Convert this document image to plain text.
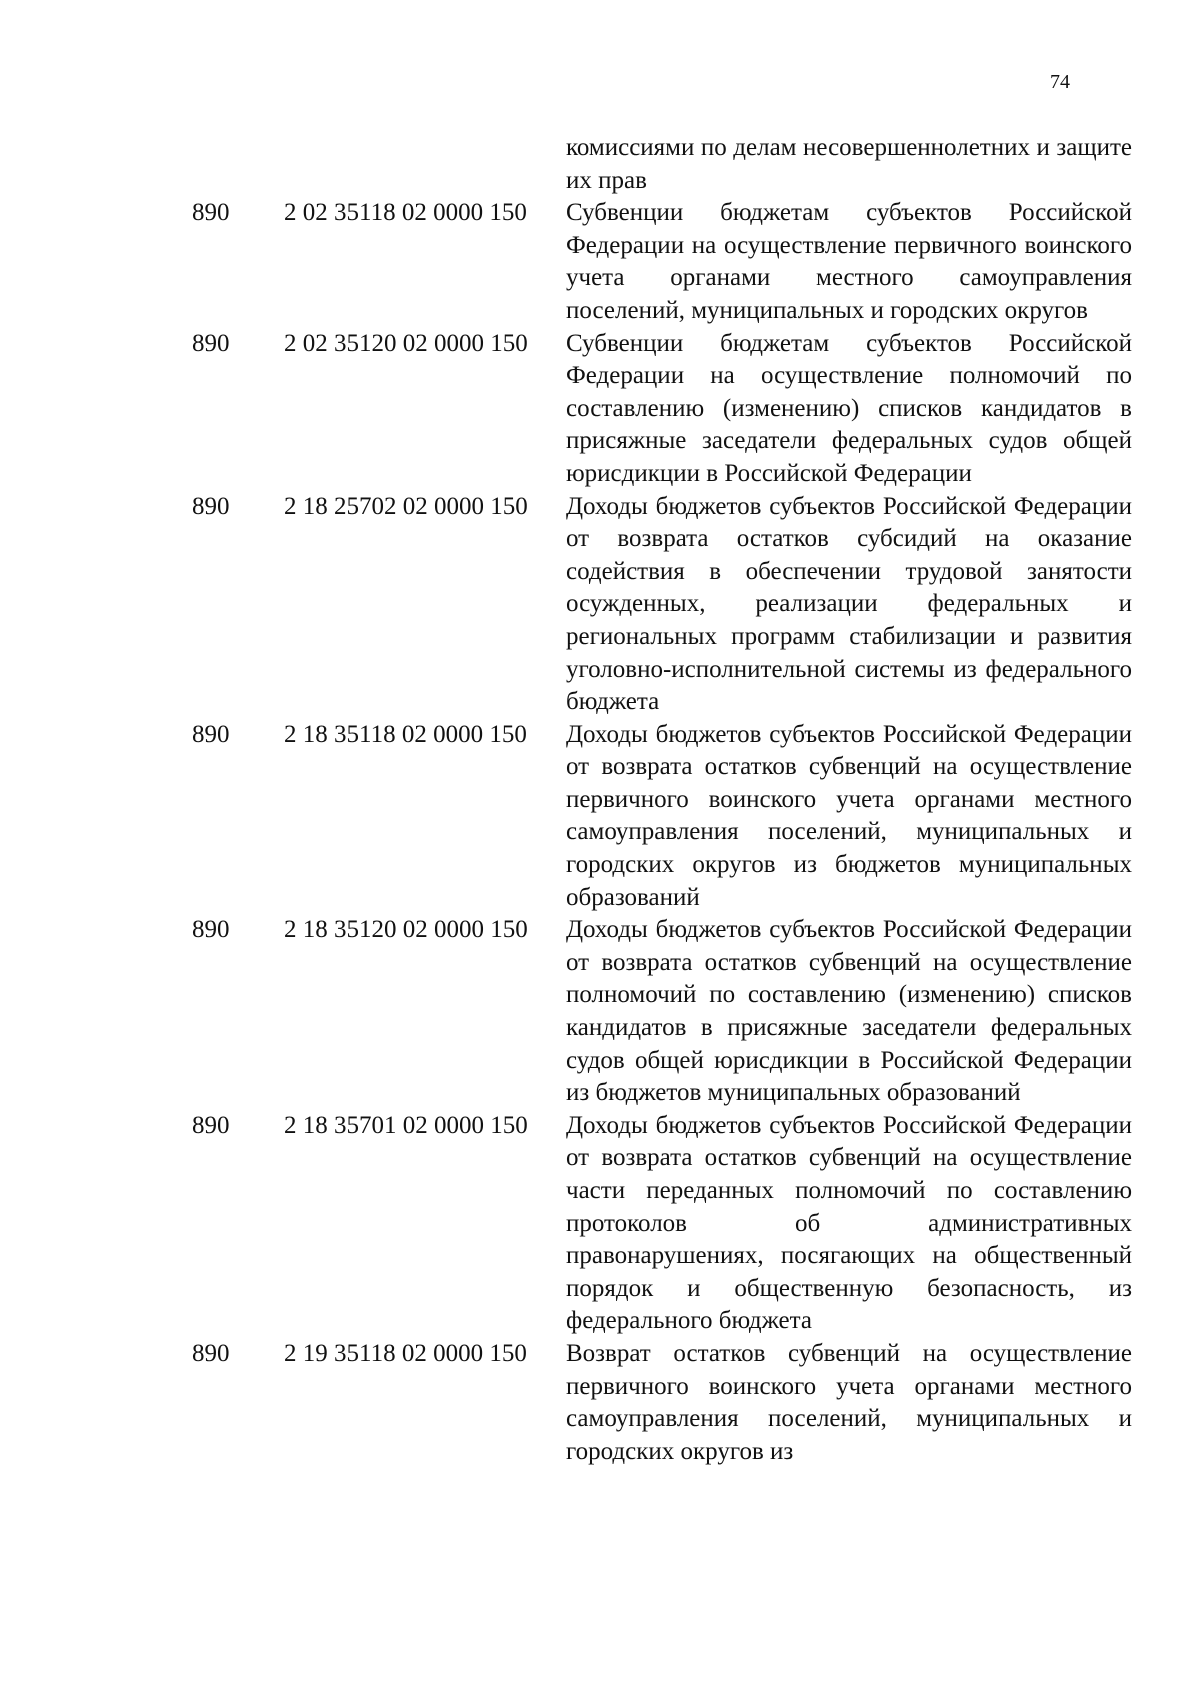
74
комиссиями по делам несовершеннолетних и защите их прав
890	2 02 35118 02 0000 150	Субвенции бюджетам субъектов Российской Федерации на осуществление первичного воинского учета органами местного самоуправления поселений, муниципальных и городских округов
890	2 02 35120 02 0000 150	Субвенции бюджетам субъектов Российской Федерации на осуществление полномочий по составлению (изменению) списков кандидатов в присяжные заседатели федеральных судов общей юрисдикции в Российской Федерации
890	2 18 25702 02 0000 150	Доходы бюджетов субъектов Российской Федерации от возврата остатков субсидий на оказание содействия в обеспечении трудовой занятости осужденных, реализации федеральных и региональных программ стабилизации и развития уголовно-исполнительной системы из федерального бюджета
890	2 18 35118 02 0000 150	Доходы бюджетов субъектов Российской Федерации от возврата остатков субвенций на осуществление первичного воинского учета органами местного самоуправления поселений, муниципальных и городских округов из бюджетов муниципальных образований
890	2 18 35120 02 0000 150	Доходы бюджетов субъектов Российской Федерации от возврата остатков субвенций на осуществление полномочий по составлению (изменению) списков кандидатов в присяжные заседатели федеральных судов общей юрисдикции в Российской Федерации из бюджетов муниципальных образований
890	2 18 35701 02 0000 150	Доходы бюджетов субъектов Российской Федерации от возврата остатков субвенций на осуществление части переданных полномочий по составлению протоколов об административных правонарушениях, посягающих на общественный порядок и общественную безопасность, из федерального бюджета
890	2 19 35118 02 0000 150	Возврат остатков субвенций на осуществление первичного воинского учета органами местного самоуправления поселений, муниципальных и городских округов из
